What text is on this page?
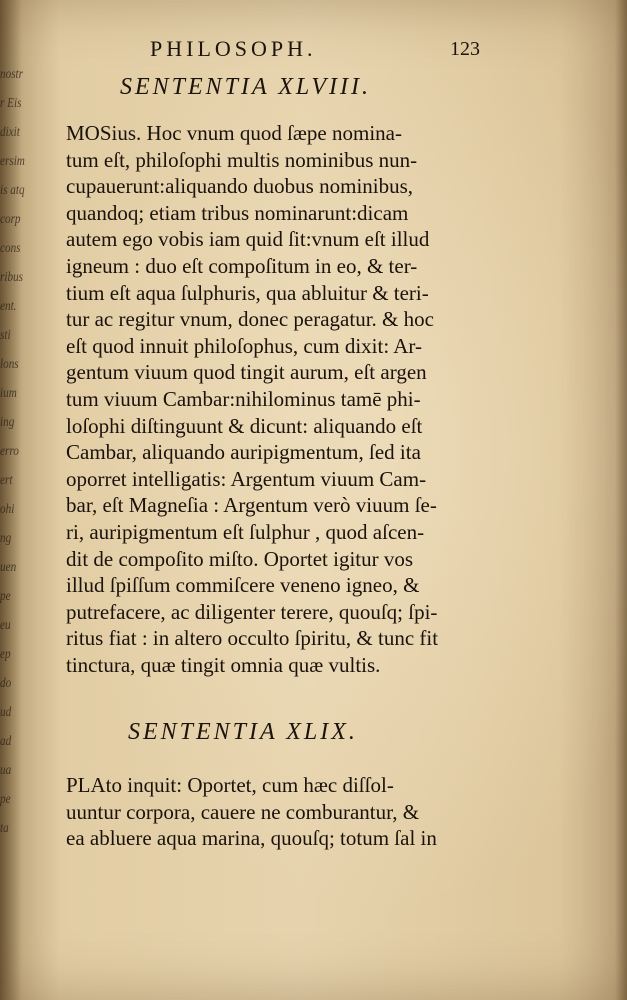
nostr
r Eis
dixit
ersim
is atq
corp
cons
ribus
ent.
sti
lons
ium
ing
erro
ert
ohi
ng
uen
pe
eu
ep
do
ud
ad
ua
pe
ta
PHILOSOPH.	123
SENTENTIA XLVIII.
MOSius. Hoc vnum quod ſæpe nomina-
tum eſt, philoſophi multis nominibus nun-
cupauerunt:aliquando duobus nominibus,
quandoq; etiam tribus nominarunt:dicam
autem ego vobis iam quid ſit:vnum eſt illud
igneum : duo eſt compoſitum in eo, & ter-
tium eſt aqua ſulphuris, qua abluitur & teri-
tur ac regitur vnum, donec peragatur. & hoc
eſt quod innuit philoſophus, cum dixit: Ar-
gentum viuum quod tingit aurum, eſt argen
tum viuum Cambar:nihilominus tamē phi-
loſophi diſtinguunt & dicunt: aliquando eſt
Cambar, aliquando auripigmentum, ſed ita
oporret intelligatis: Argentum viuum Cam-
bar, eſt Magneſia : Argentum verò viuum ſe-
ri, auripigmentum eſt ſulphur , quod aſcen-
dit de compoſito miſto. Oportet igitur vos
illud ſpiſſum commiſcere veneno igneo, &
putrefacere, ac diligenter terere, quouſq; ſpi-
ritus fiat : in altero occulto ſpiritu, & tunc fit
tinctura, quæ tingit omnia quæ vultis.
SENTENTIA XLIX.
PLAto inquit: Oportet, cum hæc diſſol-
uuntur corpora, cauere ne comburantur, &
ea abluere aqua marina, quouſq; totum ſal in
